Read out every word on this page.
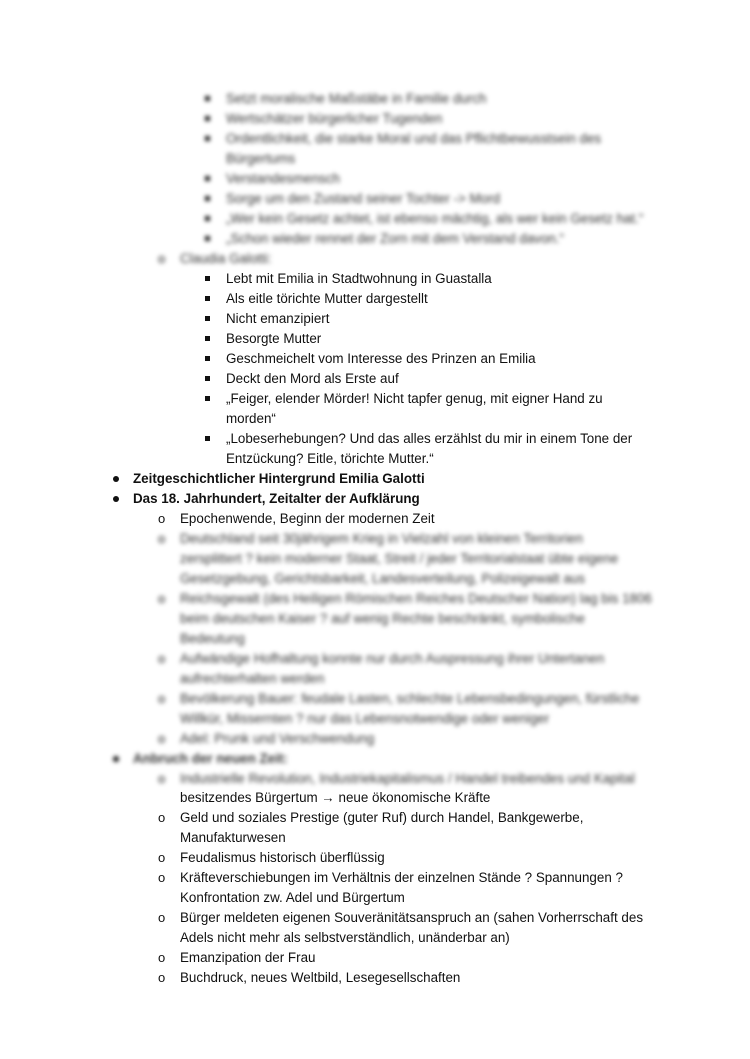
Setzt moralische Maßstäbe in Familie durch
Wertschätzer bürgerlicher Tugenden
Ordentlichkeit, die starke Moral und das Pflichtbewusstsein des
Bürgertums
Verstandesmensch
Sorge um den Zustand seiner Tochter -> Mord
„Wer kein Gesetz achtet, ist ebenso mächtig, als wer kein Gesetz hat.“
„Schon wieder rennet der Zorn mit dem Verstand davon.“
o Claudia Galotti:
Lebt mit Emilia in Stadtwohnung in Guastalla
Als eitle törichte Mutter dargestellt
Nicht emanzipiert
Besorgte Mutter
Geschmeichelt vom Interesse des Prinzen an Emilia
Deckt den Mord als Erste auf
„Feiger, elender Mörder! Nicht tapfer genug, mit eigner Hand zu
morden“
„Lobeserhebungen? Und das alles erzählst du mir in einem Tone der
Entzückung? Eitle, törichte Mutter.“
Zeitgeschichtlicher Hintergrund Emilia Galotti
Das 18. Jahrhundert, Zeitalter der Aufklärung
o Epochenwende, Beginn der modernen Zeit
o Deutschland seit 30jährigem Krieg in Vielzahl von kleinen Territorien
zersplittert ? kein moderner Staat, Streit / jeder Territorialstaat übte eigene
Gesetzgebung, Gerichtsbarkeit, Landesverteilung, Polizeigewalt aus
o Reichsgewalt (des Heiligen Römischen Reiches Deutscher Nation) lag bis 1806
beim deutschen Kaiser ? auf wenig Rechte beschränkt, symbolische
Bedeutung
o Aufwändige Hofhaltung konnte nur durch Auspressung ihrer Untertanen
aufrechterhalten werden
o Bevölkerung Bauer: feudale Lasten, schlechte Lebensbedingungen, fürstliche
Willkür, Missernten ? nur das Lebensnotwendige oder weniger
o Adel: Prunk und Verschwendung
Anbruch der neuen Zeit:
o Industrielle Revolution, Industriekapitalismus / Handel treibendes und Kapital
besitzendes Bürgertum → neue ökonomische Kräfte
o Geld und soziales Prestige (guter Ruf) durch Handel, Bankgewerbe,
Manufakturwesen
o Feudalismus historisch überflüssig
o Kräfteverschiebungen im Verhältnis der einzelnen Stände ? Spannungen ?
Konfrontation zw. Adel und Bürgertum
o Bürger meldeten eigenen Souveränitätsanspruch an (sahen Vorherrschaft des
Adels nicht mehr als selbstverständlich, unänderbar an)
o Emanzipation der Frau
o Buchdruck, neues Weltbild, Lesegesellschaften
